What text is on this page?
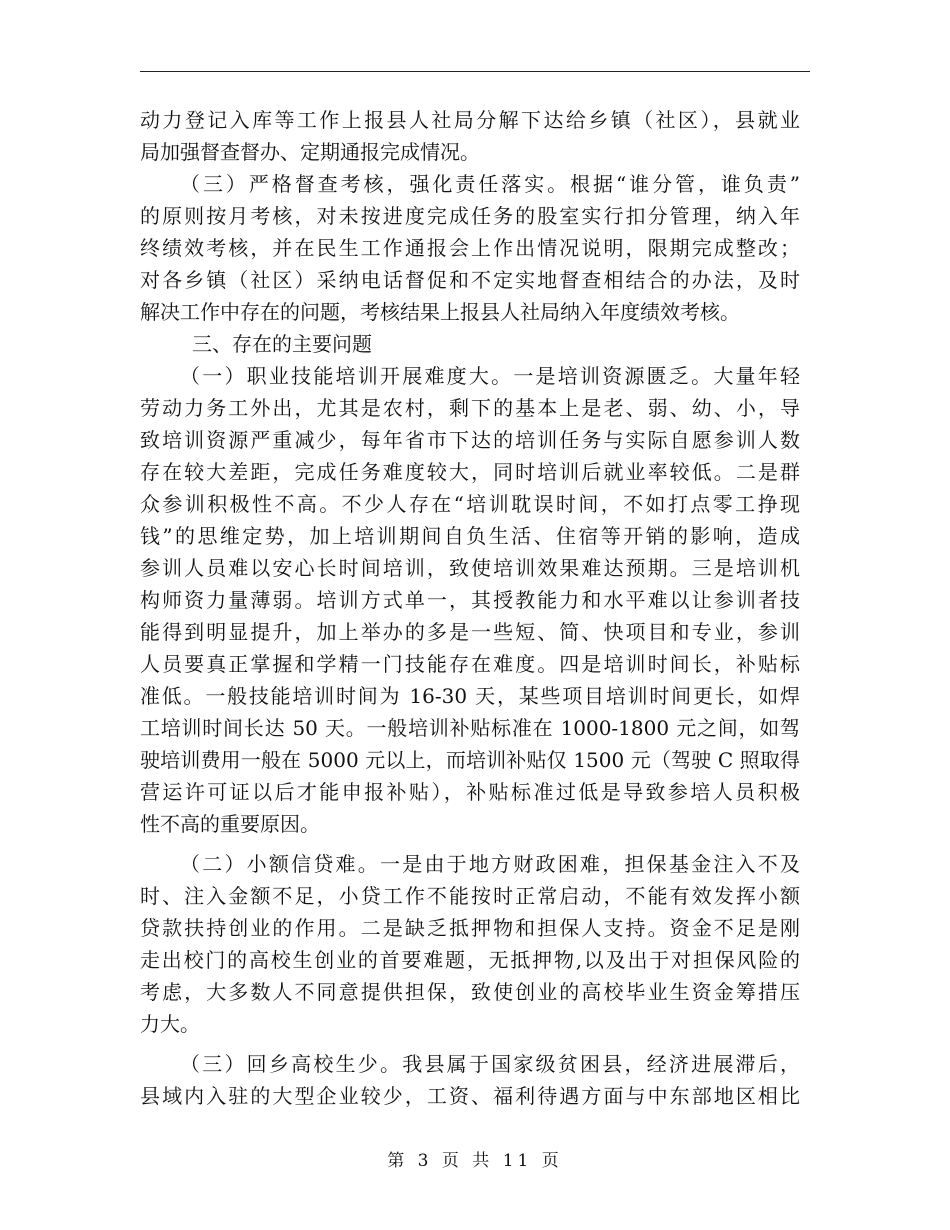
动力登记入库等工作上报县人社局分解下达给乡镇（社区），县就业
局加强督查督办、定期通报完成情况。
（三）严格督查考核，强化责任落实。根据“谁分管，谁负责”
的原则按月考核，对未按进度完成任务的股室实行扣分管理，纳入年
终绩效考核，并在民生工作通报会上作出情况说明，限期完成整改；
对各乡镇（社区）采纳电话督促和不定实地督查相结合的办法，及时
解决工作中存在的问题，考核结果上报县人社局纳入年度绩效考核。
三、存在的主要问题
（一）职业技能培训开展难度大。一是培训资源匮乏。大量年轻
劳动力务工外出，尤其是农村，剩下的基本上是老、弱、幼、小，导
致培训资源严重减少，每年省市下达的培训任务与实际自愿参训人数
存在较大差距，完成任务难度较大，同时培训后就业率较低。二是群
众参训积极性不高。不少人存在“培训耽误时间，不如打点零工挣现
钱”的思维定势，加上培训期间自负生活、住宿等开销的影响，造成
参训人员难以安心长时间培训，致使培训效果难达预期。三是培训机
构师资力量薄弱。培训方式单一，其授教能力和水平难以让参训者技
能得到明显提升，加上举办的多是一些短、简、快项目和专业，参训
人员要真正掌握和学精一门技能存在难度。四是培训时间长，补贴标
准低。一般技能培训时间为 16-30 天，某些项目培训时间更长，如焊
工培训时间长达 50 天。一般培训补贴标准在 1000-1800 元之间，如驾
驶培训费用一般在 5000 元以上，而培训补贴仅 1500 元（驾驶 C 照取得
营运许可证以后才能申报补贴），补贴标准过低是导致参培人员积极
性不高的重要原因。
（二）小额信贷难。一是由于地方财政困难，担保基金注入不及
时、注入金额不足，小贷工作不能按时正常启动，不能有效发挥小额
贷款扶持创业的作用。二是缺乏抵押物和担保人支持。资金不足是刚
走出校门的高校生创业的首要难题，无抵押物,以及出于对担保风险的
考虑，大多数人不同意提供担保，致使创业的高校毕业生资金筹措压
力大。
（三）回乡高校生少。我县属于国家级贫困县，经济进展滞后，
县域内入驻的大型企业较少，工资、福利待遇方面与中东部地区相比
第 3 页 共 11 页
